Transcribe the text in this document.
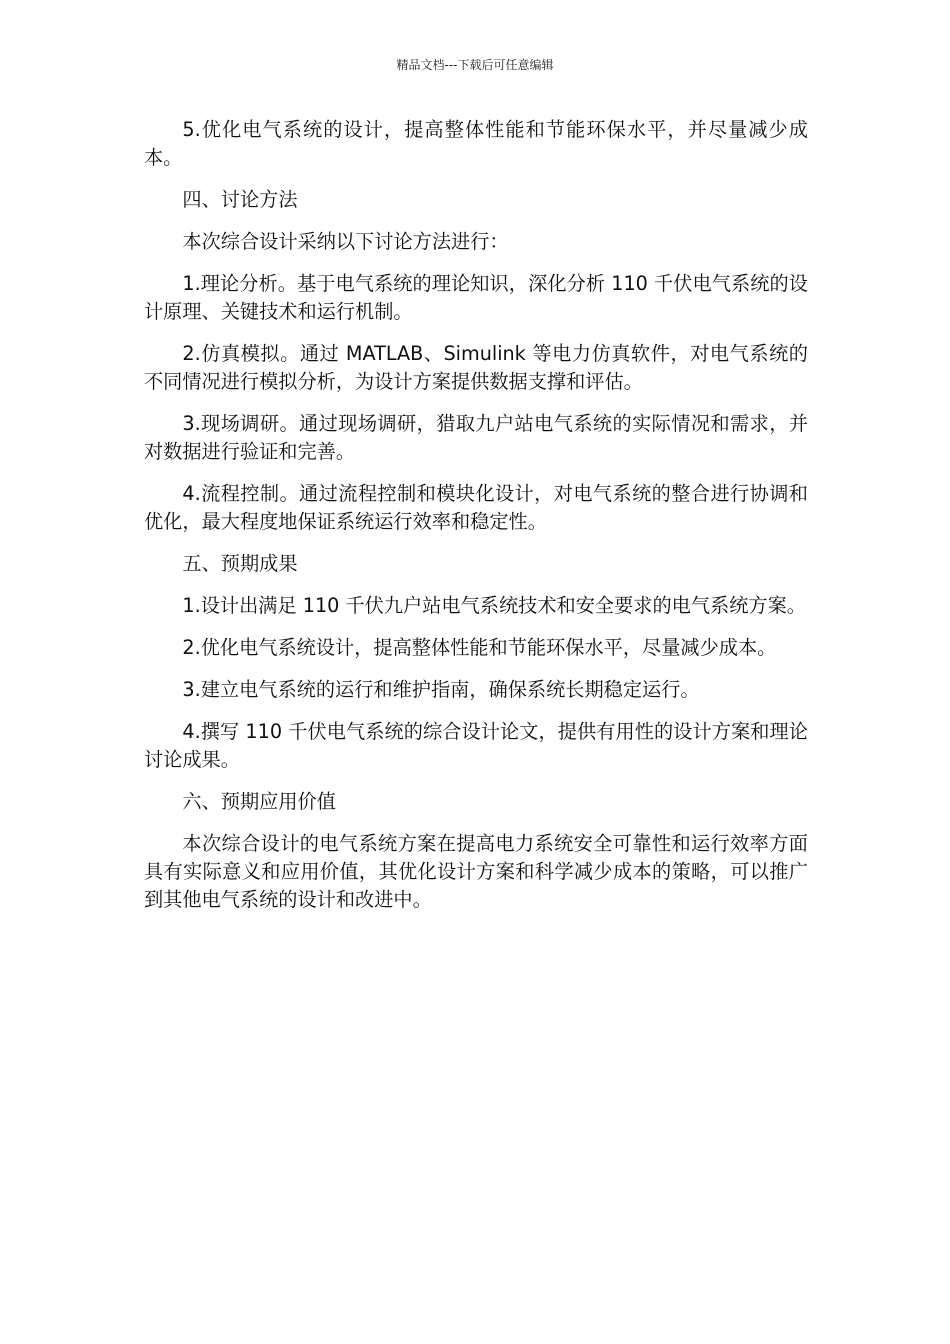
精品文档---下载后可任意编辑

5.优化电气系统的设计，提高整体性能和节能环保水平，并尽量减少成本。

四、讨论方法

本次综合设计采纳以下讨论方法进行：

1.理论分析。基于电气系统的理论知识，深化分析 110 千伏电气系统的设计原理、关键技术和运行机制。

2.仿真模拟。通过 MATLAB、Simulink 等电力仿真软件，对电气系统的不同情况进行模拟分析，为设计方案提供数据支撑和评估。

3.现场调研。通过现场调研，猎取九户站电气系统的实际情况和需求，并对数据进行验证和完善。

4.流程控制。通过流程控制和模块化设计，对电气系统的整合进行协调和优化，最大程度地保证系统运行效率和稳定性。

五、预期成果

1.设计出满足 110 千伏九户站电气系统技术和安全要求的电气系统方案。

2.优化电气系统设计，提高整体性能和节能环保水平，尽量减少成本。

3.建立电气系统的运行和维护指南，确保系统长期稳定运行。

4.撰写 110 千伏电气系统的综合设计论文，提供有用性的设计方案和理论讨论成果。

六、预期应用价值

本次综合设计的电气系统方案在提高电力系统安全可靠性和运行效率方面具有实际意义和应用价值，其优化设计方案和科学减少成本的策略，可以推广到其他电气系统的设计和改进中。
